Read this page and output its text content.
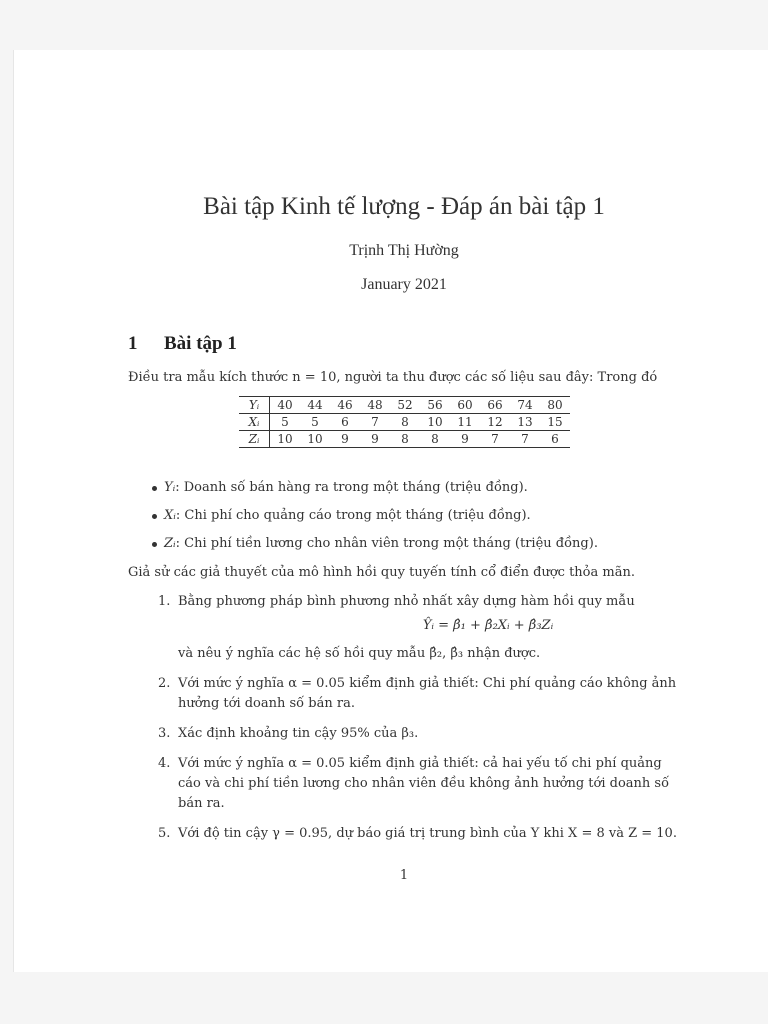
Bài tập Kinh tế lượng - Đáp án bài tập 1
Trịnh Thị Hường
January 2021
1 Bài tập 1
Điều tra mẫu kích thước n = 10, người ta thu được các số liệu sau đây: Trong đó
Yᵢ	40	44	46	48	52	56	60	66	74	80
Xᵢ	5	5	6	7	8	10	11	12	13	15
Zᵢ	10	10	9	9	8	8	9	7	7	6
Yᵢ: Doanh số bán hàng ra trong một tháng (triệu đồng).
Xᵢ: Chi phí cho quảng cáo trong một tháng (triệu đồng).
Zᵢ: Chi phí tiền lương cho nhân viên trong một tháng (triệu đồng).
Giả sử các giả thuyết của mô hình hồi quy tuyến tính cổ điển được thỏa mãn.
1. Bằng phương pháp bình phương nhỏ nhất xây dựng hàm hồi quy mẫu
Ŷᵢ = β̂₁ + β̂₂Xᵢ + β̂₃Zᵢ
và nêu ý nghĩa các hệ số hồi quy mẫu β̂₂, β̂₃ nhận được.
2. Với mức ý nghĩa α = 0.05 kiểm định giả thiết: Chi phí quảng cáo không ảnh hưởng tới doanh số bán ra.
3. Xác định khoảng tin cậy 95% của β₃.
4. Với mức ý nghĩa α = 0.05 kiểm định giả thiết: cả hai yếu tố chi phí quảng cáo và chi phí tiền lương cho nhân viên đều không ảnh hưởng tới doanh số bán ra.
5. Với độ tin cậy γ = 0.95, dự báo giá trị trung bình của Y khi X = 8 và Z = 10.
1
